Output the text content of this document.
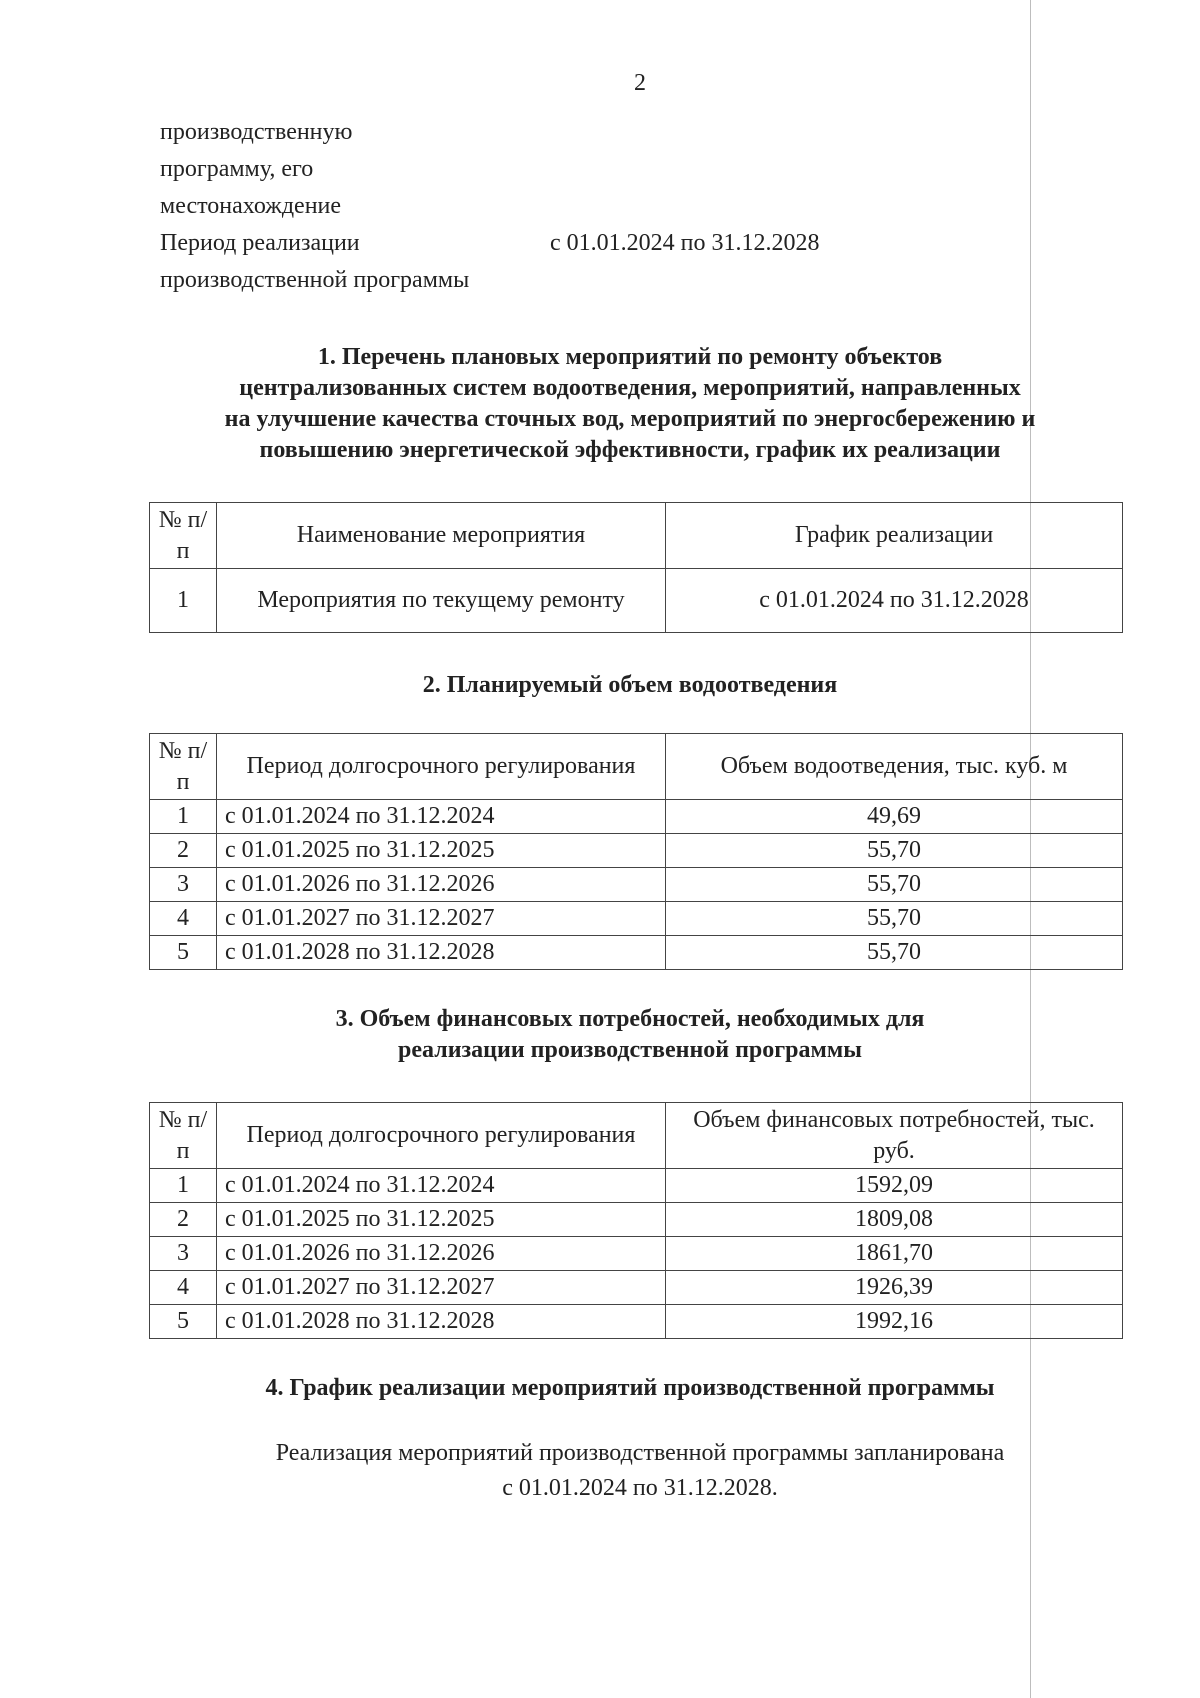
2
производственную
программу, его
местонахождение
Период реализации
производственной программы
с 01.01.2024 по 31.12.2028
1. Перечень плановых мероприятий по ремонту объектов
централизованных систем водоотведения, мероприятий, направленных
на улучшение качества сточных вод, мероприятий по энергосбережению и
повышению энергетической эффективности, график их реализации
№ п/п	Наименование мероприятия	График реализации
1	Мероприятия по текущему ремонту	с 01.01.2024 по 31.12.2028
2. Планируемый объем водоотведения
№ п/п	Период долгосрочного регулирования	Объем водоотведения, тыс. куб. м
1	с 01.01.2024 по 31.12.2024	49,69
2	с 01.01.2025 по 31.12.2025	55,70
3	с 01.01.2026 по 31.12.2026	55,70
4	с 01.01.2027 по 31.12.2027	55,70
5	с 01.01.2028 по 31.12.2028	55,70
3. Объем финансовых потребностей, необходимых для
реализации производственной программы
№ п/п	Период долгосрочного регулирования	Объем финансовых потребностей, тыс. руб.
1	с 01.01.2024 по 31.12.2024	1592,09
2	с 01.01.2025 по 31.12.2025	1809,08
3	с 01.01.2026 по 31.12.2026	1861,70
4	с 01.01.2027 по 31.12.2027	1926,39
5	с 01.01.2028 по 31.12.2028	1992,16
4. График реализации мероприятий производственной программы
Реализация мероприятий производственной программы запланирована
с 01.01.2024 по 31.12.2028.
